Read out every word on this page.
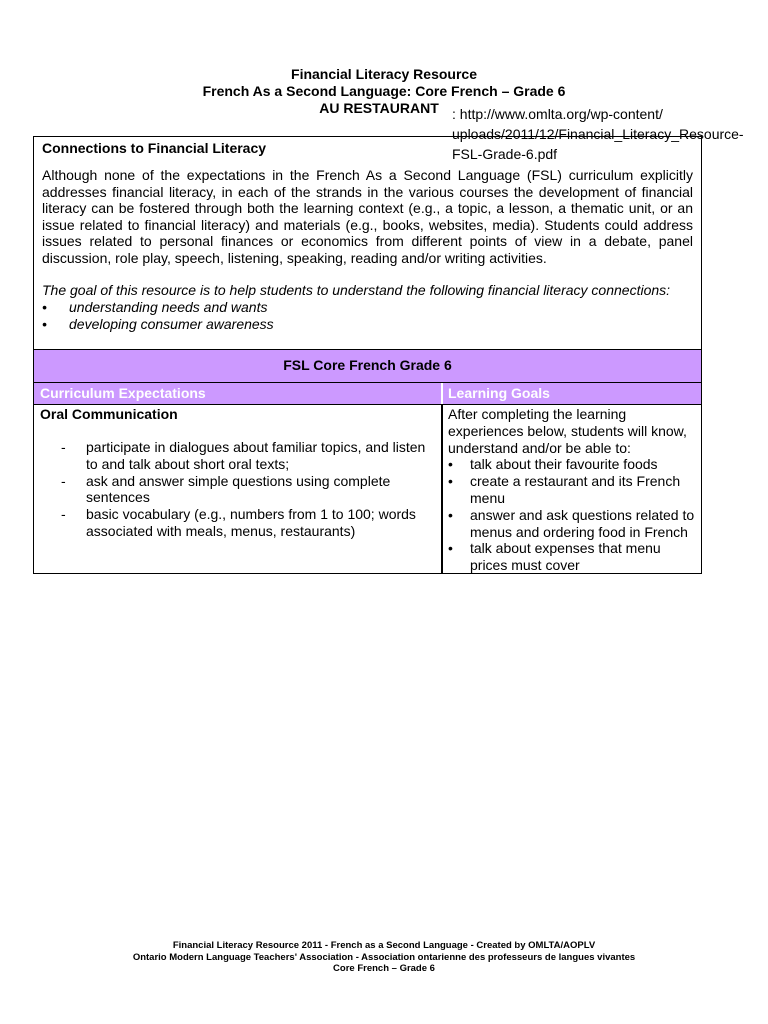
Financial Literacy Resource
French As a Second Language: Core French – Grade 6
AU RESTAURANT : http://www.omlta.org/wp-content/
uploads/2011/12/Financial_Literacy_Resource-
FSL-Grade-6.pdf

Connections to Financial Literacy

Although none of the expectations in the French As a Second Language (FSL) curriculum explicitly addresses financial literacy, in each of the strands in the various courses the development of financial literacy can be fostered through both the learning context (e.g., a topic, a lesson, a thematic unit, or an issue related to financial literacy) and materials (e.g., books, websites, media). Students could address issues related to personal finances or economics from different points of view in a debate, panel discussion, role play, speech, listening, speaking, reading and/or writing activities.

The goal of this resource is to help students to understand the following financial literacy connections:

• understanding needs and wants
• developing consumer awareness
FSL Core French Grade 6
Curriculum Expectations	Learning Goals

Oral Communication

- participate in dialogues about familiar topics, and listen to and talk about short oral texts;
- ask and answer simple questions using complete sentences
- basic vocabulary (e.g., numbers from 1 to 100; words associated with meals, menus, restaurants)

After completing the learning experiences below, students will know, understand and/or be able to:

• talk about their favourite foods
• create a restaurant and its French menu
• answer and ask questions related to menus and ordering food in French
• talk about expenses that menu prices must cover
Financial Literacy Resource 2011 - French as a Second Language - Created by OMLTA/AOPLV
Ontario Modern Language Teachers' Association - Association ontarienne des professeurs de langues vivantes
Core French – Grade 6
